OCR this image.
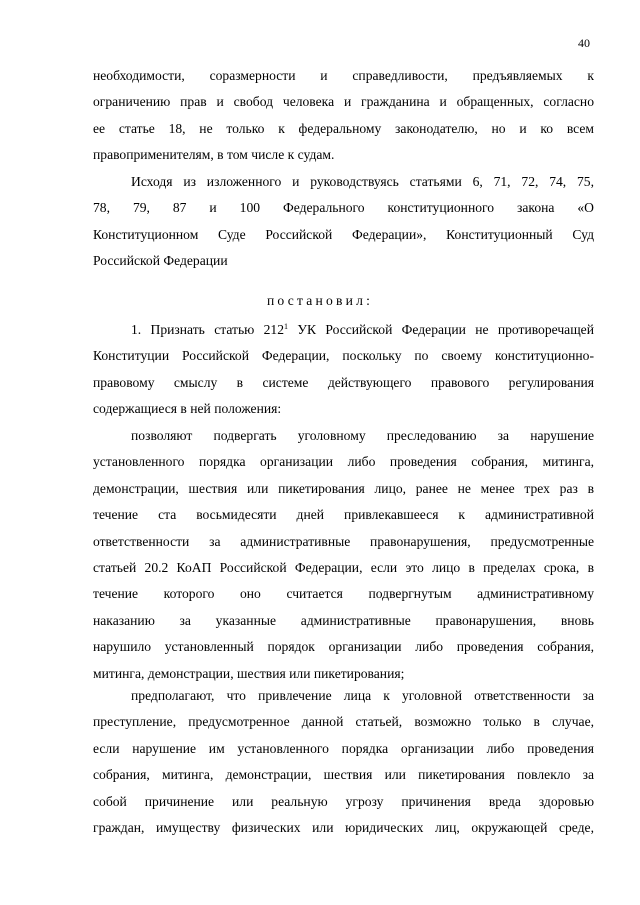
40
необходимости, соразмерности и справедливости, предъявляемых к
ограничению прав и свобод человека и гражданина и обращенных, согласно
ее статье 18, не только к федеральному законодателю, но и ко всем
правоприменителям, в том числе к судам.
Исходя из изложенного и руководствуясь статьями 6, 71, 72, 74, 75,
78, 79, 87 и 100 Федерального конституционного закона «О
Конституционном Суде Российской Федерации», Конституционный Суд
Российской Федерации
постановил:
1. Признать статью $212^1$ УК Российской Федерации не противоречащей
Конституции Российской Федерации, поскольку по своему конституционно-
правовому смыслу в системе действующего правового регулирования
содержащиеся в ней положения:
позволяют подвергать уголовному преследованию за нарушение
установленного порядка организации либо проведения собрания, митинга,
демонстрации, шествия или пикетирования лицо, ранее не менее трех раз в
течение ста восьмидесяти дней привлекавшееся к административной
ответственности за административные правонарушения, предусмотренные
статьей 20.2 КоАП Российской Федерации, если это лицо в пределах срока, в
течение которого оно считается подвергнутым административному
наказанию за указанные административные правонарушения, вновь
нарушило установленный порядок организации либо проведения собрания,
митинга, демонстрации, шествия или пикетирования;
предполагают, что привлечение лица к уголовной ответственности за
преступление, предусмотренное данной статьей, возможно только в случае,
если нарушение им установленного порядка организации либо проведения
собрания, митинга, демонстрации, шествия или пикетирования повлекло за
собой причинение или реальную угрозу причинения вреда здоровью
граждан, имуществу физических или юридических лиц, окружающей среде,
